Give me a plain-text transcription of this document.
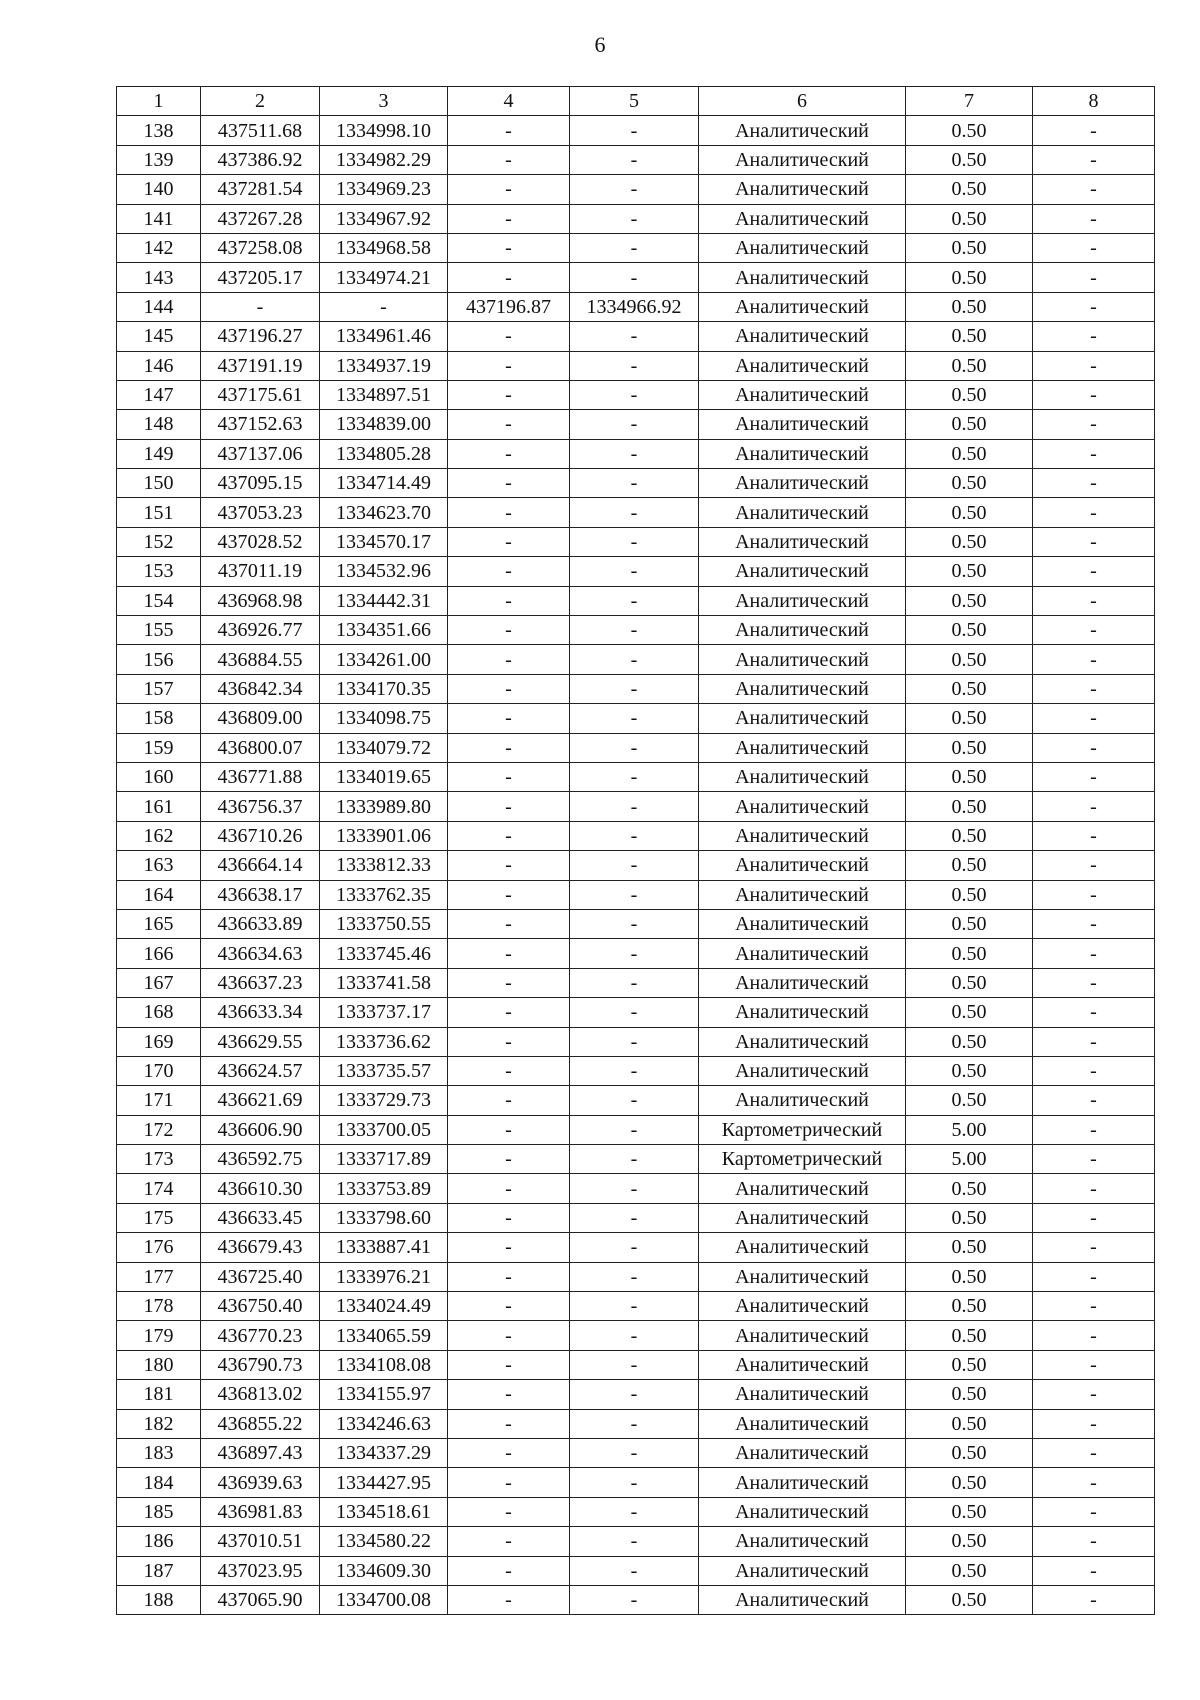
6
1	2	3	4	5	6	7	8
138	437511.68	1334998.10	-	-	Аналитический	0.50	-
139	437386.92	1334982.29	-	-	Аналитический	0.50	-
140	437281.54	1334969.23	-	-	Аналитический	0.50	-
141	437267.28	1334967.92	-	-	Аналитический	0.50	-
142	437258.08	1334968.58	-	-	Аналитический	0.50	-
143	437205.17	1334974.21	-	-	Аналитический	0.50	-
144	-	-	437196.87	1334966.92	Аналитический	0.50	-
145	437196.27	1334961.46	-	-	Аналитический	0.50	-
146	437191.19	1334937.19	-	-	Аналитический	0.50	-
147	437175.61	1334897.51	-	-	Аналитический	0.50	-
148	437152.63	1334839.00	-	-	Аналитический	0.50	-
149	437137.06	1334805.28	-	-	Аналитический	0.50	-
150	437095.15	1334714.49	-	-	Аналитический	0.50	-
151	437053.23	1334623.70	-	-	Аналитический	0.50	-
152	437028.52	1334570.17	-	-	Аналитический	0.50	-
153	437011.19	1334532.96	-	-	Аналитический	0.50	-
154	436968.98	1334442.31	-	-	Аналитический	0.50	-
155	436926.77	1334351.66	-	-	Аналитический	0.50	-
156	436884.55	1334261.00	-	-	Аналитический	0.50	-
157	436842.34	1334170.35	-	-	Аналитический	0.50	-
158	436809.00	1334098.75	-	-	Аналитический	0.50	-
159	436800.07	1334079.72	-	-	Аналитический	0.50	-
160	436771.88	1334019.65	-	-	Аналитический	0.50	-
161	436756.37	1333989.80	-	-	Аналитический	0.50	-
162	436710.26	1333901.06	-	-	Аналитический	0.50	-
163	436664.14	1333812.33	-	-	Аналитический	0.50	-
164	436638.17	1333762.35	-	-	Аналитический	0.50	-
165	436633.89	1333750.55	-	-	Аналитический	0.50	-
166	436634.63	1333745.46	-	-	Аналитический	0.50	-
167	436637.23	1333741.58	-	-	Аналитический	0.50	-
168	436633.34	1333737.17	-	-	Аналитический	0.50	-
169	436629.55	1333736.62	-	-	Аналитический	0.50	-
170	436624.57	1333735.57	-	-	Аналитический	0.50	-
171	436621.69	1333729.73	-	-	Аналитический	0.50	-
172	436606.90	1333700.05	-	-	Картометрический	5.00	-
173	436592.75	1333717.89	-	-	Картометрический	5.00	-
174	436610.30	1333753.89	-	-	Аналитический	0.50	-
175	436633.45	1333798.60	-	-	Аналитический	0.50	-
176	436679.43	1333887.41	-	-	Аналитический	0.50	-
177	436725.40	1333976.21	-	-	Аналитический	0.50	-
178	436750.40	1334024.49	-	-	Аналитический	0.50	-
179	436770.23	1334065.59	-	-	Аналитический	0.50	-
180	436790.73	1334108.08	-	-	Аналитический	0.50	-
181	436813.02	1334155.97	-	-	Аналитический	0.50	-
182	436855.22	1334246.63	-	-	Аналитический	0.50	-
183	436897.43	1334337.29	-	-	Аналитический	0.50	-
184	436939.63	1334427.95	-	-	Аналитический	0.50	-
185	436981.83	1334518.61	-	-	Аналитический	0.50	-
186	437010.51	1334580.22	-	-	Аналитический	0.50	-
187	437023.95	1334609.30	-	-	Аналитический	0.50	-
188	437065.90	1334700.08	-	-	Аналитический	0.50	-
